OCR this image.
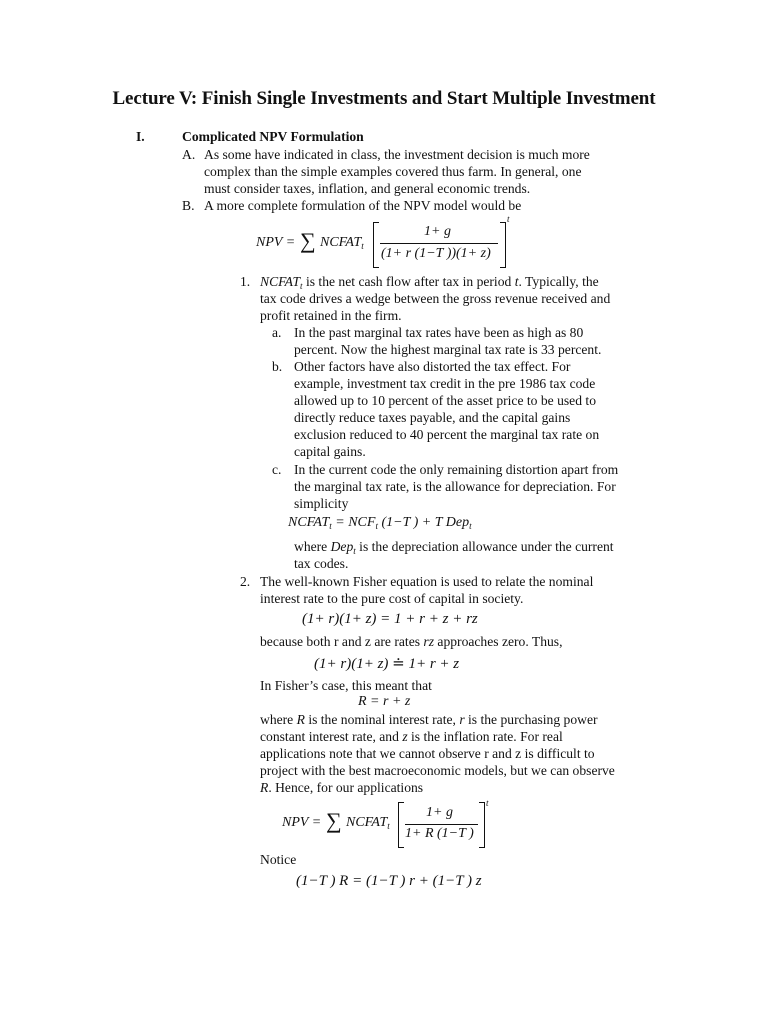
Lecture V: Finish Single Investments and Start Multiple Investment
I.	Complicated NPV Formulation
A. As some have indicated in class, the investment decision is much more
complex than the simple examples covered thus farm. In general, one
must consider taxes, inflation, and general economic trends.
B. A more complete formulation of the NPV model would be
NPV = ∑ $NCFAT_t$
1+ g
(1+ r (1−T ))(1+ z)
t
1. $NCFAT_t$ is the net cash flow after tax in period t. Typically, the
tax code drives a wedge between the gross revenue received and
profit retained in the firm.
a. In the past marginal tax rates have been as high as 80
percent. Now the highest marginal tax rate is 33 percent.
b. Other factors have also distorted the tax effect. For
example, investment tax credit in the pre 1986 tax code
allowed up to 10 percent of the asset price to be used to
directly reduce taxes payable, and the capital gains
exclusion reduced to 40 percent the marginal tax rate on
capital gains.
c. In the current code the only remaining distortion apart from
the marginal tax rate, is the allowance for depreciation. For
simplicity
$NCFAT_t = NCF_t$ (1−T ) + T Dep$_t$
where Dep$_t$ is the depreciation allowance under the current
tax codes.
2. The well-known Fisher equation is used to relate the nominal
interest rate to the pure cost of capital in society.
(1+ r)(1+ z) = 1 + r + z + rz
because both r and z are rates rz approaches zero. Thus,
(1+ r)(1+ z) ≐ 1+ r + z
In Fisher’s case, this meant that
R = r + z
where R is the nominal interest rate, r is the purchasing power
constant interest rate, and z is the inflation rate. For real
applications note that we cannot observe r and z is difficult to
project with the best macroeconomic models, but we can observe
R. Hence, for our applications
NPV = ∑ $NCFAT_t$
1+ g
1+ R (1−T )
t
Notice
(1−T ) R = (1−T ) r + (1−T ) z
